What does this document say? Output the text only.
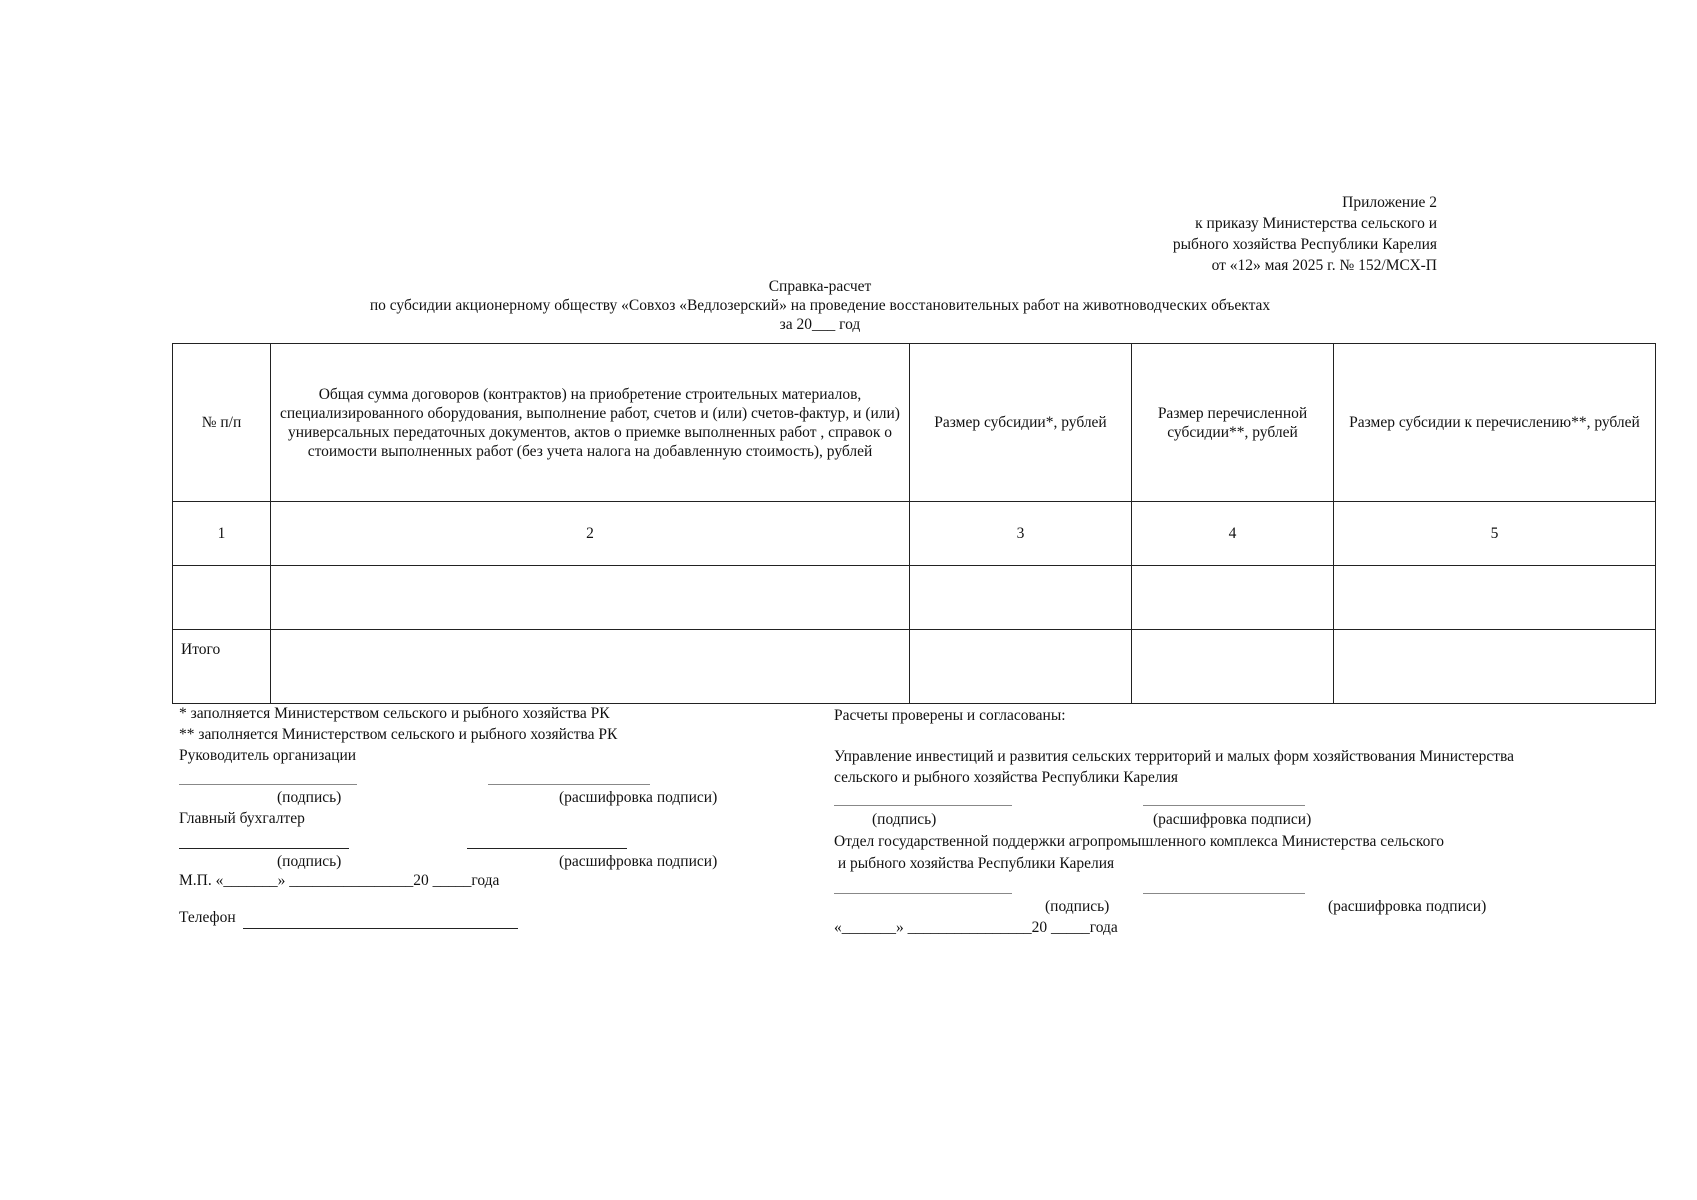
Приложение 2
к приказу Министерства сельского и
рыбного хозяйства Республики Карелия
от «12» мая 2025 г. № 152/МСХ-П
Справка-расчет
по субсидии акционерному обществу «Совхоз «Ведлозерский» на проведение восстановительных работ на животноводческих объектах
за 20___ год
№ п/п	Общая сумма договоров (контрактов) на приобретение строительных материалов, специализированного оборудования, выполнение работ, счетов и (или) счетов-фактур, и (или) универсальных передаточных документов, актов о приемке выполненных работ , справок о стоимости выполненных работ (без учета налога на добавленную стоимость), рублей	Размер субсидии*, рублей	Размер перечисленной субсидии**, рублей	Размер субсидии к перечислению**, рублей
1	2	3	4	5

Итого				
* заполняется Министерством сельского и рыбного хозяйства РК
** заполняется Министерством сельского и рыбного хозяйства РК
Руководитель организации
(подпись)	(расшифровка подписи)
Главный бухгалтер
(подпись)	(расшифровка подписи)
М.П. «_______» ________________20 _____года
Телефон
Расчеты проверены и согласованы:
Управление инвестиций и развития сельских территорий и малых форм хозяйствования Министерства
сельского и рыбного хозяйства Республики Карелия
(подпись)	(расшифровка подписи)
Отдел государственной поддержки агропромышленного комплекса Министерства сельского
и рыбного хозяйства Республики Карелия
(подпись)	(расшифровка подписи)
«_______» ________________20 _____года
